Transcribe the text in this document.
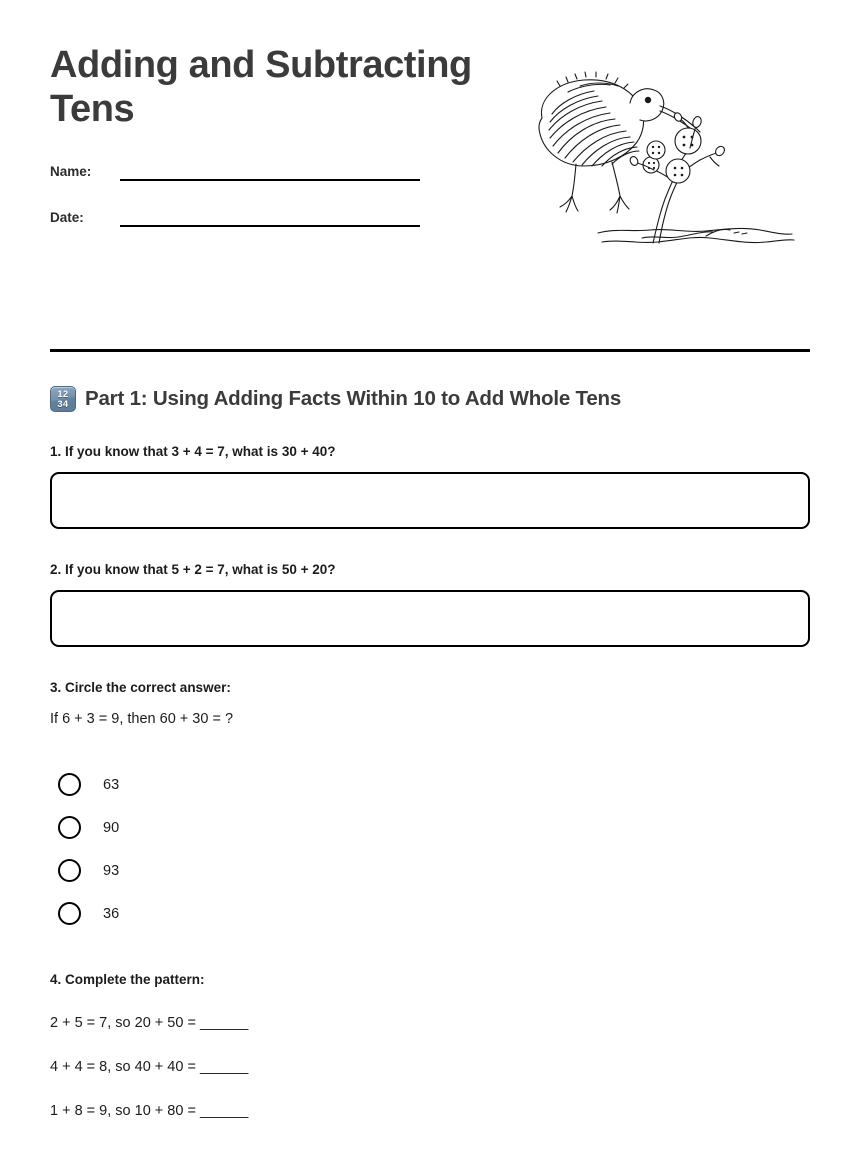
Adding and Subtracting Tens
Name:
Date:
12
34 Part 1: Using Adding Facts Within 10 to Add Whole Tens

1. If you know that 3 + 4 = 7, what is 30 + 40?

2. If you know that 5 + 2 = 7, what is 50 + 20?

3. Circle the correct answer:

If 6 + 3 = 9, then 60 + 30 = ?

63
90
93
36

4. Complete the pattern:

2 + 5 = 7, so 20 + 50 = ______

4 + 4 = 8, so 40 + 40 = ______

1 + 8 = 9, so 10 + 80 = ______
